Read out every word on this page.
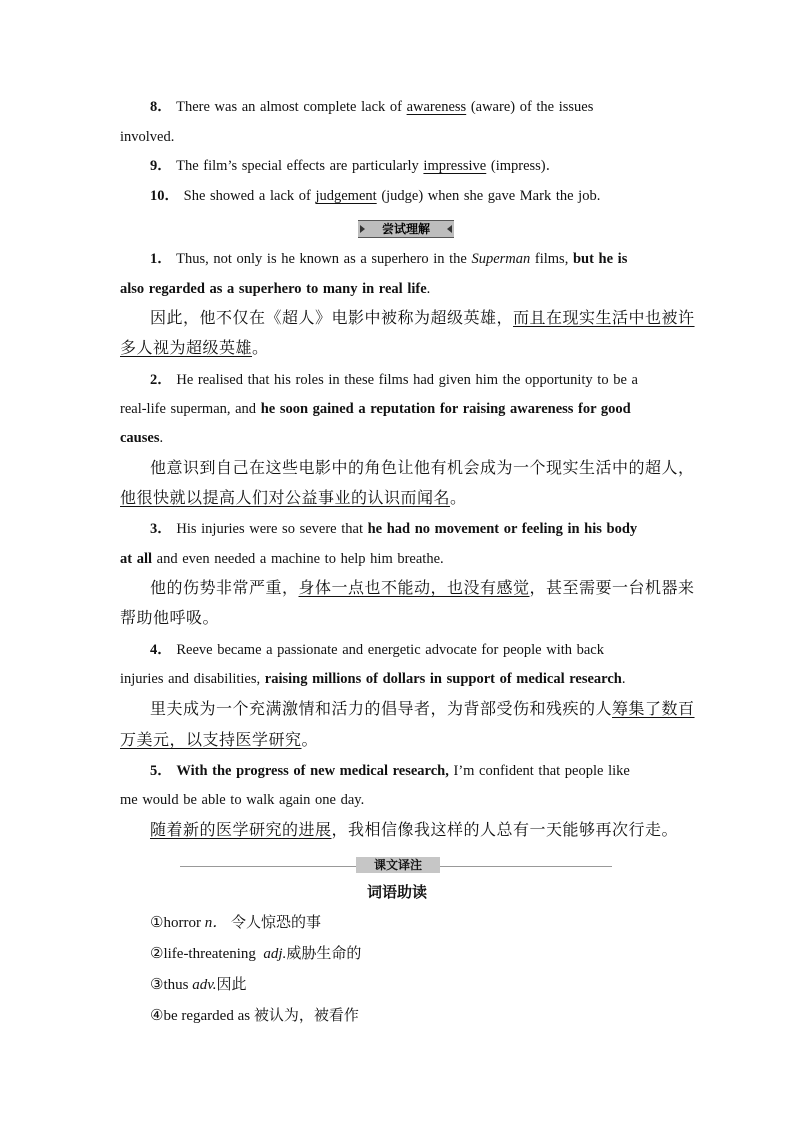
8． There was an almost complete lack of awareness (aware) of the issues
involved.
9． The film’s special effects are particularly impressive (impress)．
10． She showed a lack of judgement (judge) when she gave Mark the job.
尝试理解
1． Thus, not only is he known as a superhero in the Superman films, but he is
also regarded as a superhero to many in real life.
因此，他不仅在《超人》电影中被称为超级英雄，而且在现实生活中也被许
多人视为超级英雄。
2． He realised that his roles in these films had given him the opportunity to be a
real-life superman, and he soon gained a reputation for raising awareness for good
causes.
他意识到自己在这些电影中的角色让他有机会成为一个现实生活中的超人，
他很快就以提高人们对公益事业的认识而闻名。
3． His injuries were so severe that he had no movement or feeling in his body
at all and even needed a machine to help him breathe.
他的伤势非常严重，身体一点也不能动，也没有感觉，甚至需要一台机器来
帮助他呼吸。
4． Reeve became a passionate and energetic advocate for people with back
injuries and disabilities, raising millions of dollars in support of medical research.
里夫成为一个充满激情和活力的倡导者，为背部受伤和残疾的人筹集了数百
万美元，以支持医学研究。
5． With the progress of new medical research, I’m confident that people like
me would be able to walk again one day.
随着新的医学研究的进展，我相信像我这样的人总有一天能够再次行走。
课文译注
词语助读
①horror n． 令人惊恐的事
②life-threatening adj.威胁生命的
③thus adv.因此
④be regarded as 被认为，被看作
